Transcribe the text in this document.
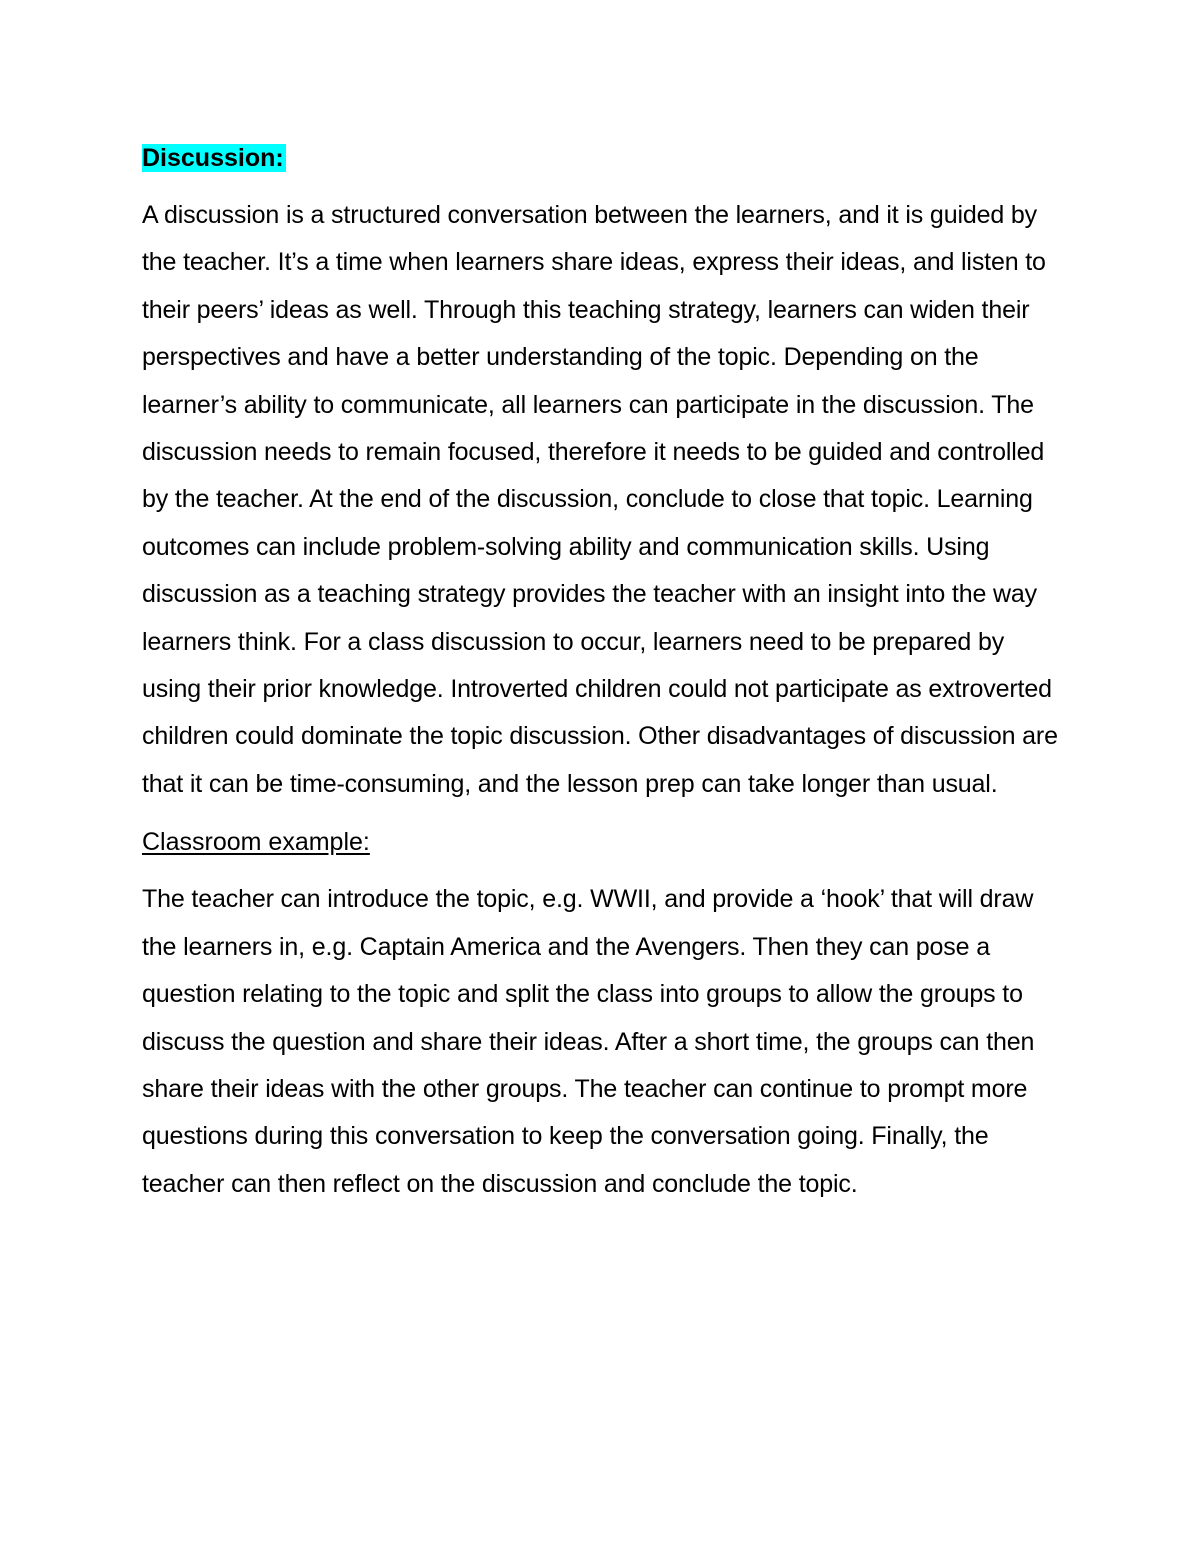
Discussion:

A discussion is a structured conversation between the learners, and it is guided by the teacher. It’s a time when learners share ideas, express their ideas, and listen to their peers’ ideas as well. Through this teaching strategy, learners can widen their perspectives and have a better understanding of the topic. Depending on the learner’s ability to communicate, all learners can participate in the discussion. The discussion needs to remain focused, therefore it needs to be guided and controlled by the teacher. At the end of the discussion, conclude to close that topic. Learning outcomes can include problem-solving ability and communication skills. Using discussion as a teaching strategy provides the teacher with an insight into the way learners think. For a class discussion to occur, learners need to be prepared by using their prior knowledge. Introverted children could not participate as extroverted children could dominate the topic discussion. Other disadvantages of discussion are that it can be time-consuming, and the lesson prep can take longer than usual.

Classroom example:

The teacher can introduce the topic, e.g. WWII, and provide a ‘hook’ that will draw the learners in, e.g. Captain America and the Avengers. Then they can pose a question relating to the topic and split the class into groups to allow the groups to discuss the question and share their ideas. After a short time, the groups can then share their ideas with the other groups. The teacher can continue to prompt more questions during this conversation to keep the conversation going. Finally, the teacher can then reflect on the discussion and conclude the topic.
